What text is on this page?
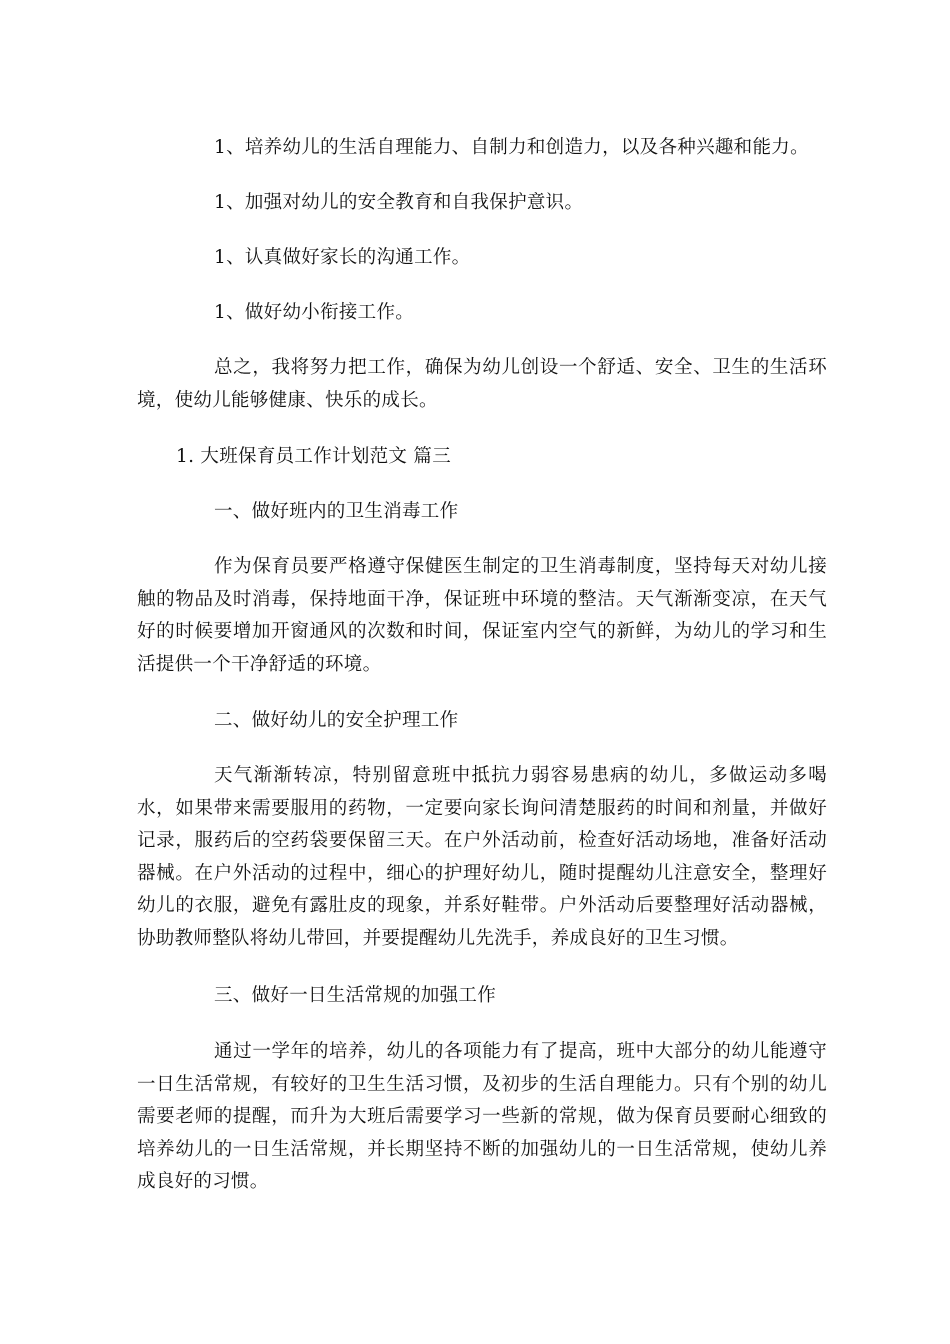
1、培养幼儿的生活自理能力、自制力和创造力，以及各种兴趣和能力。
1、加强对幼儿的安全教育和自我保护意识。
1、认真做好家长的沟通工作。
1、做好幼小衔接工作。
总之，我将努力把工作，确保为幼儿创设一个舒适、安全、卫生的生活环境，使幼儿能够健康、快乐的成长。
1. 大班保育员工作计划范文 篇三
一、做好班内的卫生消毒工作
作为保育员要严格遵守保健医生制定的卫生消毒制度，坚持每天对幼儿接触的物品及时消毒，保持地面干净，保证班中环境的整洁。天气渐渐变凉，在天气好的时候要增加开窗通风的次数和时间，保证室内空气的新鲜，为幼儿的学习和生活提供一个干净舒适的环境。
二、做好幼儿的安全护理工作
天气渐渐转凉，特别留意班中抵抗力弱容易患病的幼儿，多做运动多喝水，如果带来需要服用的药物，一定要向家长询问清楚服药的时间和剂量，并做好记录，服药后的空药袋要保留三天。在户外活动前，检查好活动场地，准备好活动器械。在户外活动的过程中，细心的护理好幼儿，随时提醒幼儿注意安全，整理好幼儿的衣服，避免有露肚皮的现象，并系好鞋带。户外活动后要整理好活动器械，协助教师整队将幼儿带回，并要提醒幼儿先洗手，养成良好的卫生习惯。
三、做好一日生活常规的加强工作
通过一学年的培养，幼儿的各项能力有了提高，班中大部分的幼儿能遵守一日生活常规，有较好的卫生生活习惯，及初步的生活自理能力。只有个别的幼儿需要老师的提醒，而升为大班后需要学习一些新的常规，做为保育员要耐心细致的培养幼儿的一日生活常规，并长期坚持不断的加强幼儿的一日生活常规，使幼儿养成良好的习惯。
